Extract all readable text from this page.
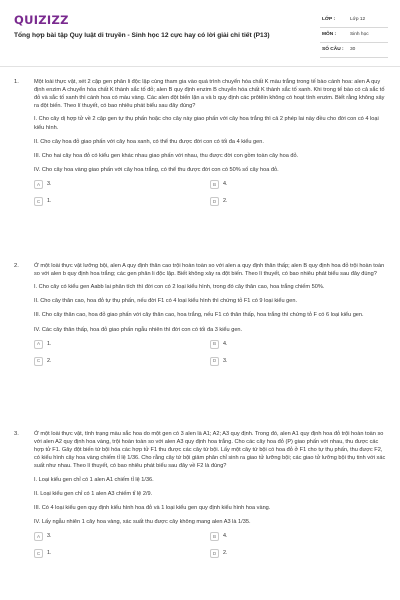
QUIZIZZ
Tổng hợp bài tập Quy luật di truyền - Sinh học 12 cực hay có lời giải chi tiết (P13)
LỚP :	Lớp 12
MÔN :	Sinh học
SỐ CÂU :	30
1.	Một loài thực vật, xét 2 cặp gen phân li độc lập cùng tham gia vào quá trình chuyển hóa chất K màu trắng trong tế bào cánh hoa: alen A quy định enzim A chuyển hóa chất K thành sắc tố đỏ; alen B quy định enzim B chuyển hóa chất K thành sắc tố xanh. Khi trong tế bào có cả sắc tố đỏ và sắc tố xanh thì cánh hoa có màu vàng. Các alen đột biến lặn a và b quy định các prôtêin không có hoạt tính enzim. Biết rằng không xảy ra đột biến. Theo lí thuyết, có bao nhiêu phát biểu sau đây đúng?
I. Cho cây dị hợp tử về 2 cặp gen tự thụ phấn hoặc cho cây này giao phấn với cây hoa trắng thì cả 2 phép lai này đều cho đời con có 4 loại kiểu hình.
II. Cho cây hoa đỏ giao phấn với cây hoa xanh, có thể thu được đời con có tối đa 4 kiểu gen.
III. Cho hai cây hoa đỏ có kiểu gen khác nhau giao phấn với nhau, thu được đời con gồm toàn cây hoa đỏ.
IV. Cho cây hoa vàng giao phấn với cây hoa trắng, có thể thu được đời con có 50% số cây hoa đỏ.
A	3.	B	4.
C	1.	D	2.
2.	Ở một loài thực vật lưỡng bội, alen A quy định thân cao trội hoàn toàn so với alen a quy định thân thấp; alen B quy định hoa đỏ trội hoàn toàn so với alen b quy định hoa trắng; các gen phân li độc lập. Biết không xảy ra đột biến. Theo lí thuyết, có bao nhiêu phát biểu sau đây đúng?
I. Cho cây có kiểu gen Aabb lai phân tích thì đời con có 2 loại kiểu hình, trong đó cây thân cao, hoa trắng chiếm 50%.
II. Cho cây thân cao, hoa đỏ tự thụ phấn, nếu đời F1 có 4 loại kiểu hình thì chứng tỏ F1 có 9 loại kiểu gen.
III. Cho cây thân cao, hoa đỏ giao phấn với cây thân cao, hoa trắng, nếu F1 có thân thấp, hoa trắng thì chứng tỏ F có 6 loại kiểu gen.
IV. Các cây thân thấp, hoa đỏ giao phấn ngẫu nhiên thì đời con có tối đa 3 kiểu gen.
A	1.	B	4.
C	2.	D	3.
3.	Ở một loài thực vật, tính trạng màu sắc hoa do một gen có 3 alen là A1; A2; A3 quy định. Trong đó, alen A1 quy định hoa đỏ trội hoàn toàn so với alen A2 quy định hoa vàng, trội hoàn toàn so với alen A3 quy định hoa trắng. Cho các cây hoa đỏ (P) giao phấn với nhau, thu được các hợp tử F1. Gây đột biến tứ bội hóa các hợp tử F1 thu được các cây tứ bội. Lấy một cây tứ bội có hoa đỏ ở F1 cho tự thụ phấn, thu được F2, có kiểu hình cây hoa vàng chiếm tỉ lệ 1/36. Cho rằng cây tứ bội giảm phân chỉ sinh ra giao tử lưỡng bội; các giao tử lưỡng bội thụ tinh với xác suất như nhau. Theo lí thuyết, có bao nhiêu phát biểu sau đây về F2 là đúng?
I. Loại kiểu gen chỉ có 1 alen A1 chiếm tỉ lệ 1/36.
II. Loại kiểu gen chỉ có 1 alen A3 chiếm tỉ lệ 2/9.
III. Có 4 loại kiểu gen quy định kiểu hình hoa đỏ và 1 loại kiểu gen quy định kiểu hình hoa vàng.
IV. Lấy ngẫu nhiên 1 cây hoa vàng, xác suất thu được cây không mang alen A3 là 1/35.
A	3.	B	4.
C	1.	D	2.
